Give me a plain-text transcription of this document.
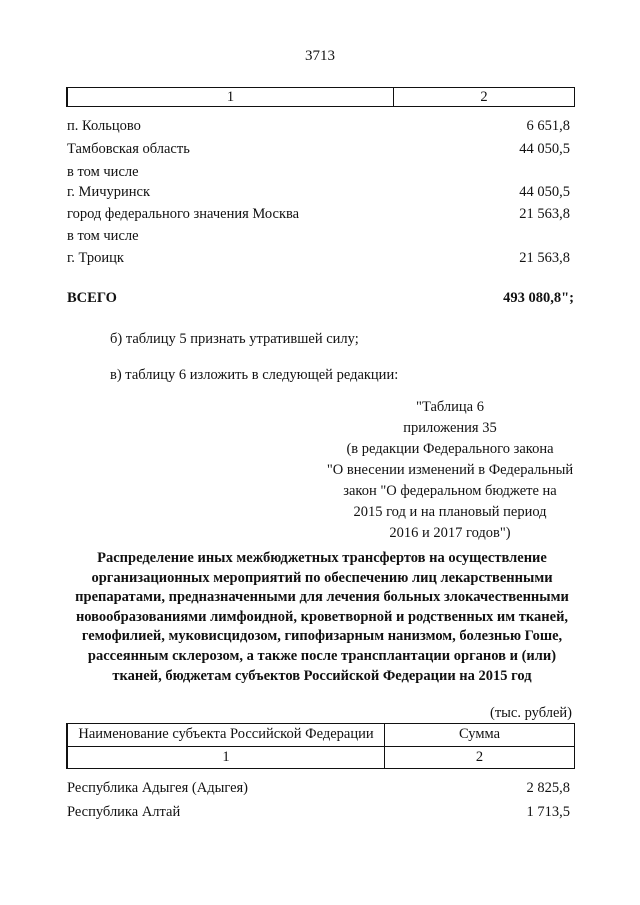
3713
1	2
п. Кольцово	6 651,8
Тамбовская область	44 050,5
в том числе
г. Мичуринск	44 050,5
город федерального значения Москва	21 563,8
в том числе
г. Троицк	21 563,8
ВСЕГО	493 080,8";
б) таблицу 5 признать утратившей силу;
в) таблицу 6 изложить в следующей редакции:
"Таблица 6
приложения 35
(в редакции Федерального закона
"О внесении изменений в Федеральный
закон "О федеральном бюджете на
2015 год и на плановый период
2016 и 2017 годов")
Распределение иных межбюджетных трансфертов на осуществление организационных мероприятий по обеспечению лиц лекарственными препаратами, предназначенными для лечения больных злокачественными новообразованиями лимфоидной, кроветворной и родственных им тканей, гемофилией, муковисцидозом, гипофизарным нанизмом, болезнью Гоше, рассеянным склерозом, а также после трансплантации органов и (или) тканей, бюджетам субъектов Российской Федерации на 2015 год
(тыс. рублей)
Наименование субъекта Российской Федерации	Сумма
1	2
Республика Адыгея (Адыгея)	2 825,8
Республика Алтай	1 713,5
